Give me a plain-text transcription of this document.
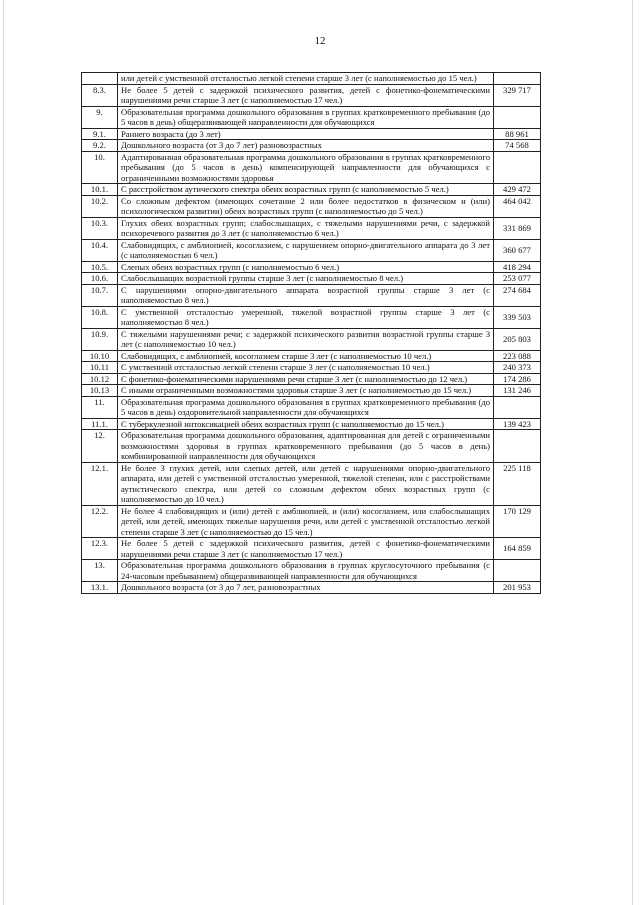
12
	или детей с умственной отсталостью легкой степени старше 3 лет (с наполняемостью до 15 чел.)	
8.3.	Не более 5 детей с задержкой психического развития, детей с фонетико-фонематическими нарушениями речи старше 3 лет (с наполняемостью 17 чел.)	329 717
9.	Образовательная программа дошкольного образования в группах кратковременного пребывания (до 5 часов в день) общеразвивающей направленности для обучающихся	
9.1.	Раннего возраста (до 3 лет)	88 961
9.2.	Дошкольного возраста (от 3 до 7 лет) разновозрастных	74 568
10.	Адаптированная образовательная программа дошкольного образования в группах кратковременного пребывания (до 5 часов в день) компенсирующей направленности для обучающихся с ограниченными возможностями здоровья	
10.1.	С расстройством аутического спектра обеих возрастных групп (с наполняемостью 5 чел.)	429 472
10.2.	Со сложным дефектом (имеющих сочетание 2 или более недостатков в физическом и (или) психологическом развитии) обеих возрастных групп (с наполняемостью до 5 чел.)	464 042
10.3.	Глухих обеих возрастных групп; слабослышащих, с тяжелыми нарушениями речи, с задержкой психоречевого развития до 3 лет (с наполняемостью 6 чел.)	331 869
10.4.	Слабовидящих, с амблиопией, косоглазием, с нарушением опорно-двигательного аппарата до 3 лет (с наполняемостью 6 чел.)	360 677
10.5.	Слепых обеих возрастных групп (с наполняемостью 6 чел.)	418 294
10.6.	Слабослышащих возрастной группы старше 3 лет (с наполняемостью 8 чел.)	253 077
10.7.	С нарушениями опорно-двигательного аппарата возрастной группы старше 3 лет (с наполняемостью 8 чел.)	274 684
10.8.	С умственной отсталостью умеренной, тяжелой возрастной группы старше 3 лет (с наполняемостью 8 чел.)	339 503
10.9.	С тяжелыми нарушениями речи; с задержкой психического развития возрастной группы старше 3 лет (с наполняемостью 10 чел.)	205 803
10.10	Слабовидящих, с амблиопией, косоглазием старше 3 лет (с наполняемостью 10 чел.)	223 088
10.11	С умственной отсталостью легкой степени старше 3 лет (с наполняемостью 10 чел.)	240 373
10.12	С фонетико-фонематическими нарушениями речи старше 3 лет (с наполняемостью до 12 чел.)	174 286
10.13	С иными ограниченными возможностями здоровья старше 3 лет (с наполняемостью до 15 чел.)	131 246
11.	Образовательная программа дошкольного образования в группах кратковременного пребывания (до 5 часов в день) оздоровительной направленности для обучающихся	
11.1.	С туберкулезной интоксикацией обеих возрастных групп (с наполняемостью до 15 чел.)	139 423
12.	Образовательная программа дошкольного образования, адаптированная для детей с ограниченными возможностями здоровья в группах кратковременного пребывания (до 5 часов в день) комбинированной направленности для обучающихся	
12.1.	Не более 3 глухих детей, или слепых детей, или детей с нарушениями опорно-двигательного аппарата, или детей с умственной отсталостью умеренной, тяжелой степени, или с расстройствами аутистического спектра, или детей со сложным дефектом обеих возрастных групп (с наполняемостью до 10 чел.)	225 118
12.2.	Не более 4 слабовидящих и (или) детей с амблиопией, и (или) косоглазием, или слабослышащих детей, или детей, имеющих тяжелые нарушения речи, или детей с умственной отсталостью легкой степени старше 3 лет (с наполняемостью до 15 чел.)	170 129
12.3.	Не более 5 детей с задержкой психического развития, детей с фонетико-фонематическими нарушениями речи старше 3 лет (с наполняемостью 17 чел.)	164 859
13.	Образовательная программа дошкольного образования в группах круглосуточного пребывания (с 24-часовым пребыванием) общеразвивающей направленности для обучающихся	
13.1.	Дошкольного возраста (от 3 до 7 лет, разновозрастных	201 953
